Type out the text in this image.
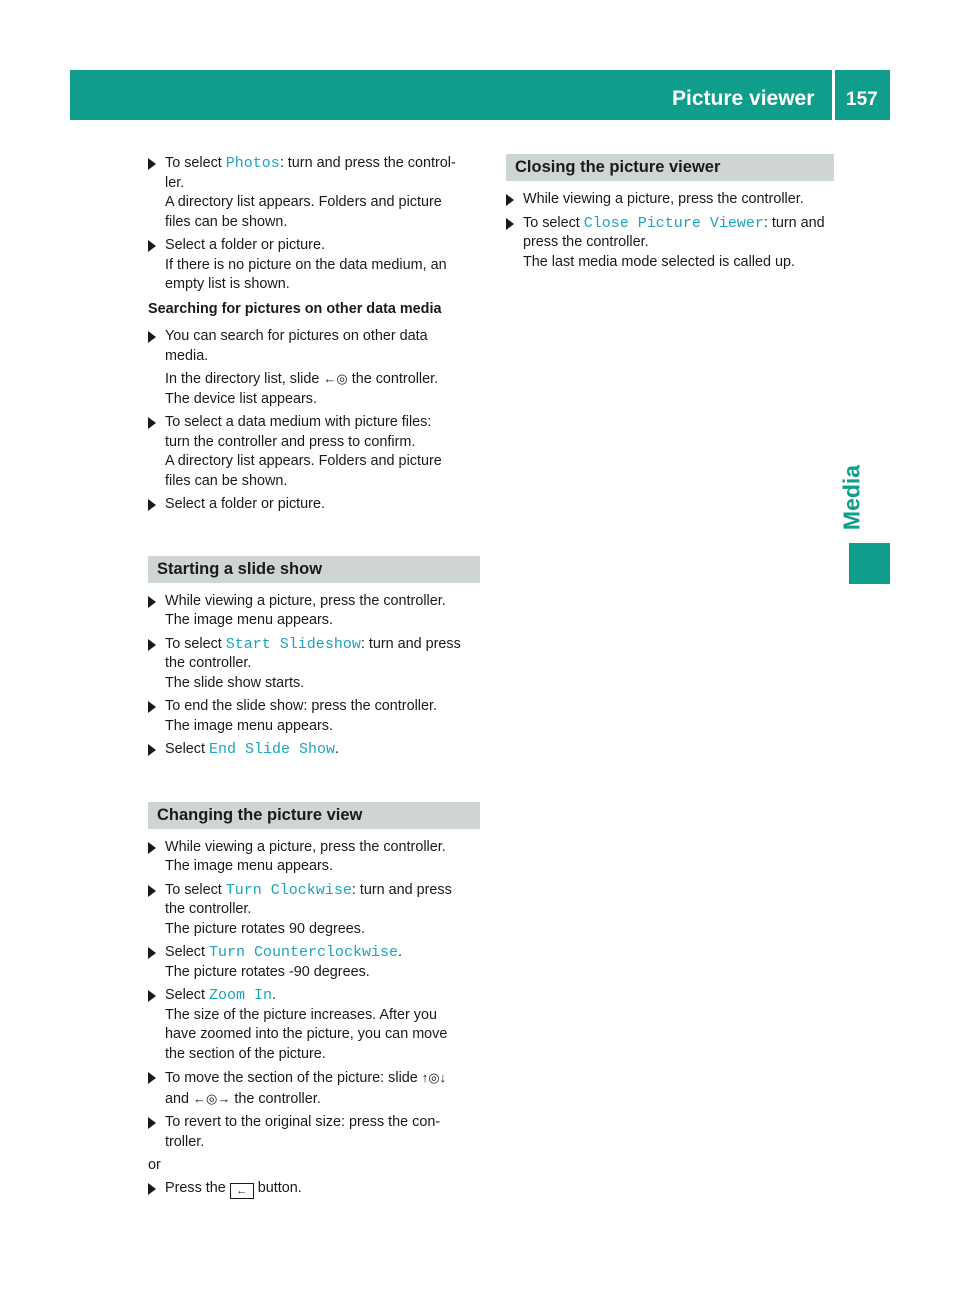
Picture viewer 157
Media
To select Photos: turn and press the control-
ler.
A directory list appears. Folders and picture
files can be shown.
Select a folder or picture.
If there is no picture on the data medium, an
empty list is shown.
Searching for pictures on other data media
You can search for pictures on other data
media.
In the directory list, slide ←◎ the controller.
The device list appears.
To select a data medium with picture files:
turn the controller and press to confirm.
A directory list appears. Folders and picture
files can be shown.
Select a folder or picture.
Starting a slide show
While viewing a picture, press the controller.
The image menu appears.
To select Start Slideshow: turn and press
the controller.
The slide show starts.
To end the slide show: press the controller.
The image menu appears.
Select End Slide Show.
Changing the picture view
While viewing a picture, press the controller.
The image menu appears.
To select Turn Clockwise: turn and press
the controller.
The picture rotates 90 degrees.
Select Turn Counterclockwise.
The picture rotates -90 degrees.
Select Zoom In.
The size of the picture increases. After you
have zoomed into the picture, you can move
the section of the picture.
To move the section of the picture: slide ↑◎↓
and ←◎→ the controller.
To revert to the original size: press the con-
troller.
or
Press the ← button.
Closing the picture viewer
While viewing a picture, press the controller.
To select Close Picture Viewer: turn and
press the controller.
The last media mode selected is called up.
